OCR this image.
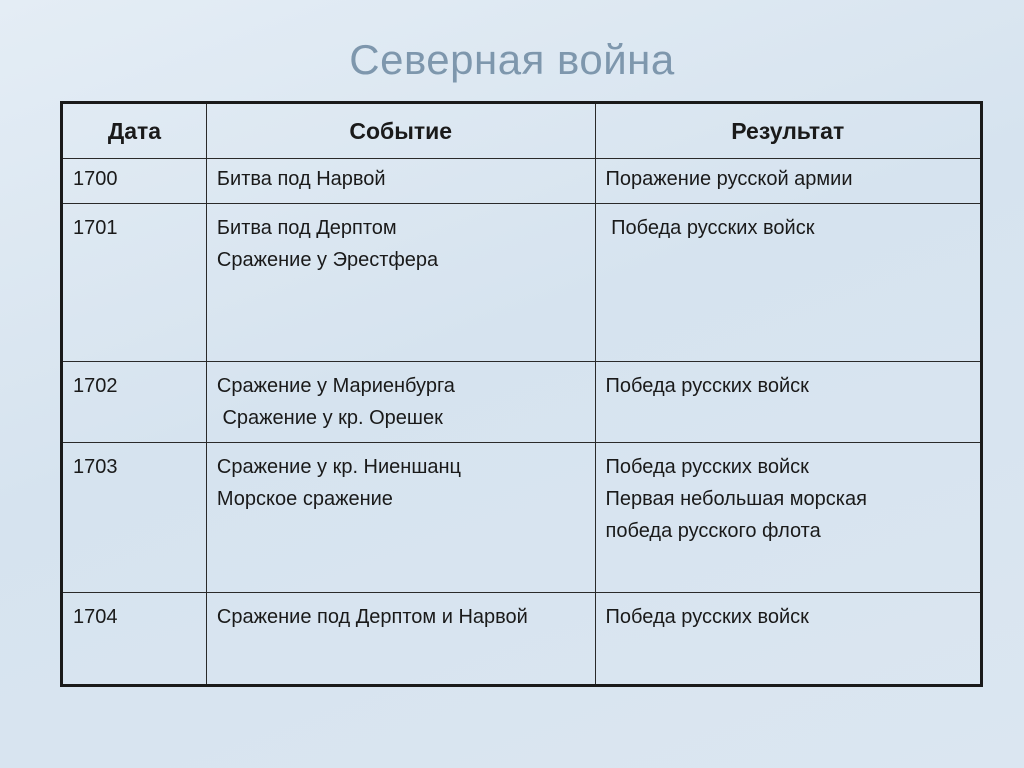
Северная война
Дата	Событие	Результат
1700	Битва под Нарвой	Поражение русской армии

1701	Битва под Дерптом
Сражение у Эрестфера	Победа русских войск

1702	Сражение у Мариенбурга
Сражение у кр. Орешек	Победа русских войск

1703	Сражение у кр. Ниеншанц
Морское сражение	Победа русских войск
Первая небольшая морская
победа русского флота

1704	Сражение под Дерптом и Нарвой	Победа русских войск
